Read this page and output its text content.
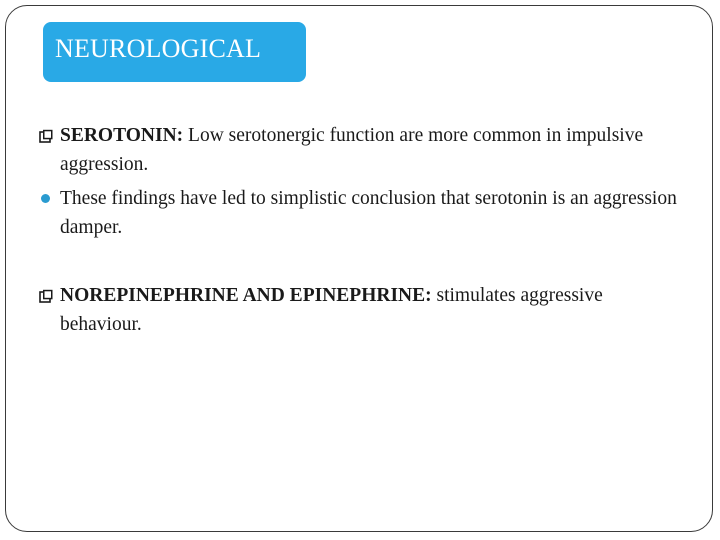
NEUROLOGICAL
SEROTONIN: Low serotonergic function are more common in impulsive aggression.
These findings have led to simplistic conclusion that serotonin is an aggression damper.
NOREPINEPHRINE AND EPINEPHRINE: stimulates aggressive behaviour.
